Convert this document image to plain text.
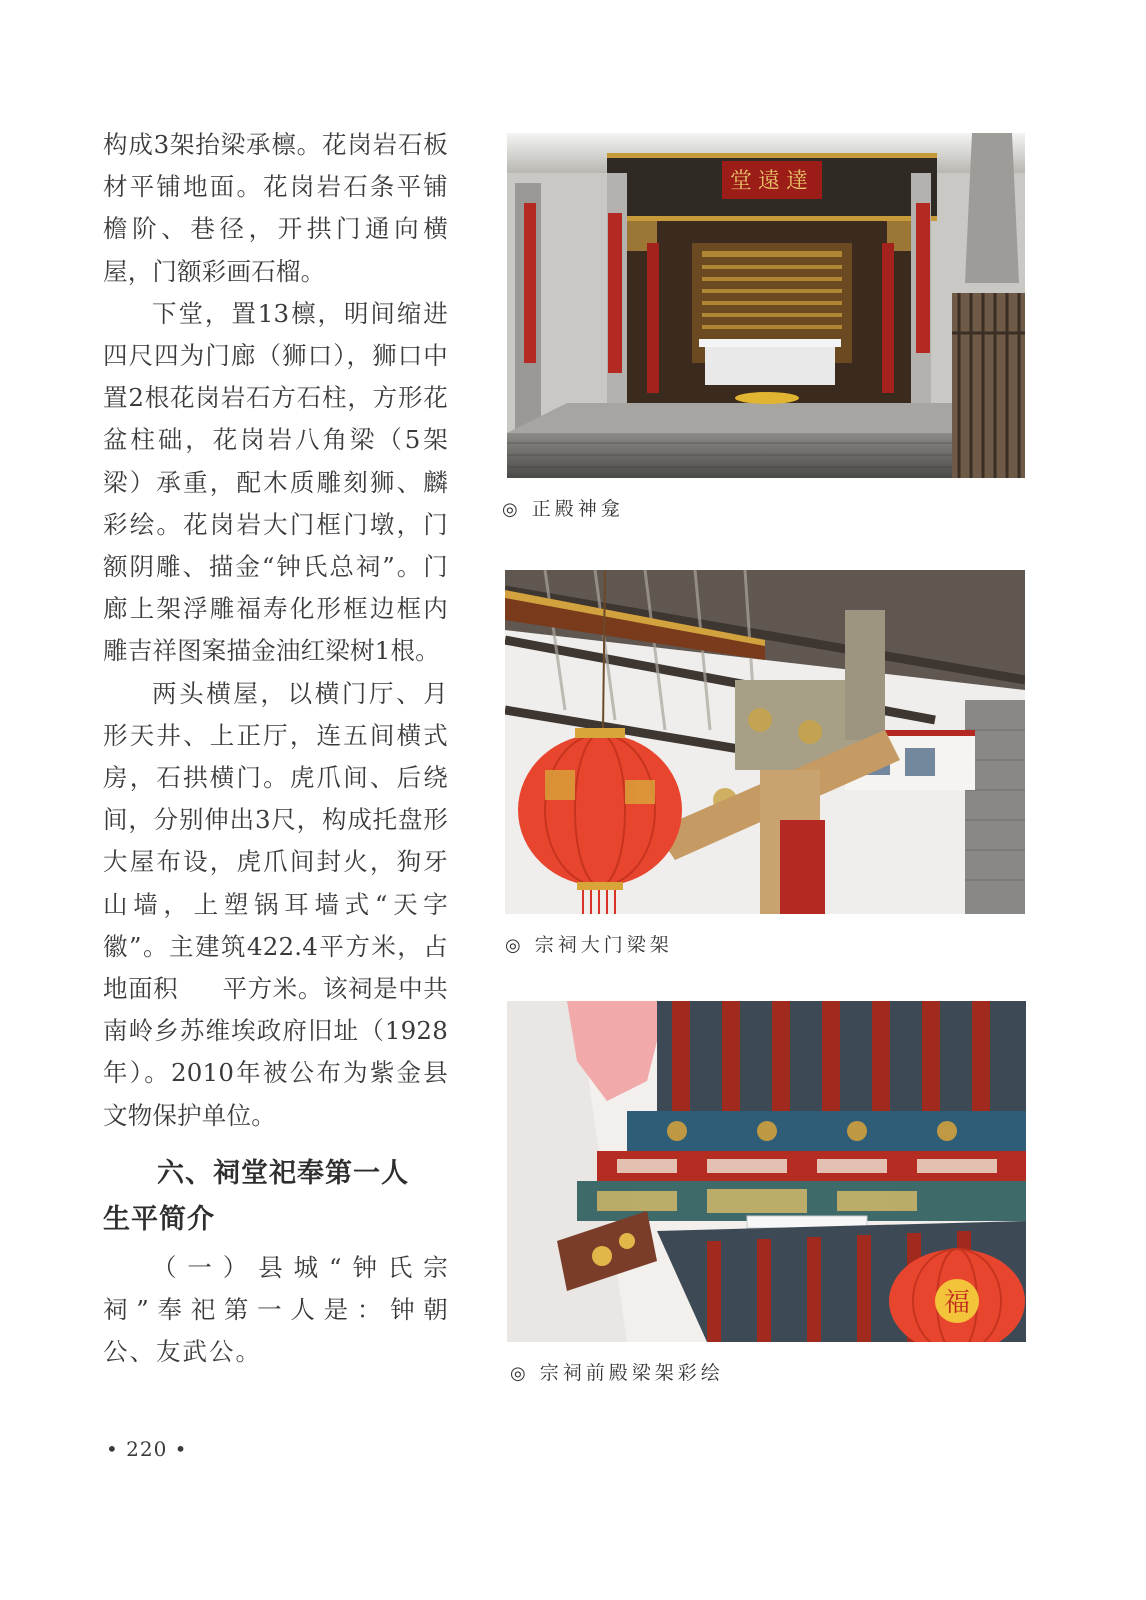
构成3架抬梁承檩。花岗岩石板材平铺地面。花岗岩石条平铺檐阶、巷径，开拱门通向横屋，门额彩画石榴。

下堂，置13檩，明间缩进四尺四为门廊（狮口），狮口中置2根花岗岩石方石柱，方形花盆柱础，花岗岩八角梁（5架梁）承重，配木质雕刻狮、麟彩绘。花岗岩大门框门墩，门额阴雕、描金“钟氏总祠”。门廊上架浮雕福寿化形框边框内雕吉祥图案描金油红梁树1根。

两头横屋，以横门厅、月形天井、上正厅，连五间横式房，石拱横门。虎爪间、后绕间，分别伸出3尺，构成托盘形大屋布设，虎爪间封火，狗牙山墙，上塑锅耳墙式“天字徽”。主建筑422.4平方米，占地面积 平方米。该祠是中共南岭乡苏维埃政府旧址（1928年）。2010年被公布为紫金县文物保护单位。

六、祠堂祀奉第一人
生平简介

（一）县城“钟氏宗
祠”奉祀第一人是：钟朝
公、友武公。

• 220 •
堂遠達
◎ 正殿神龛
◎ 宗祠大门梁架
福
◎ 宗祠前殿梁架彩绘
